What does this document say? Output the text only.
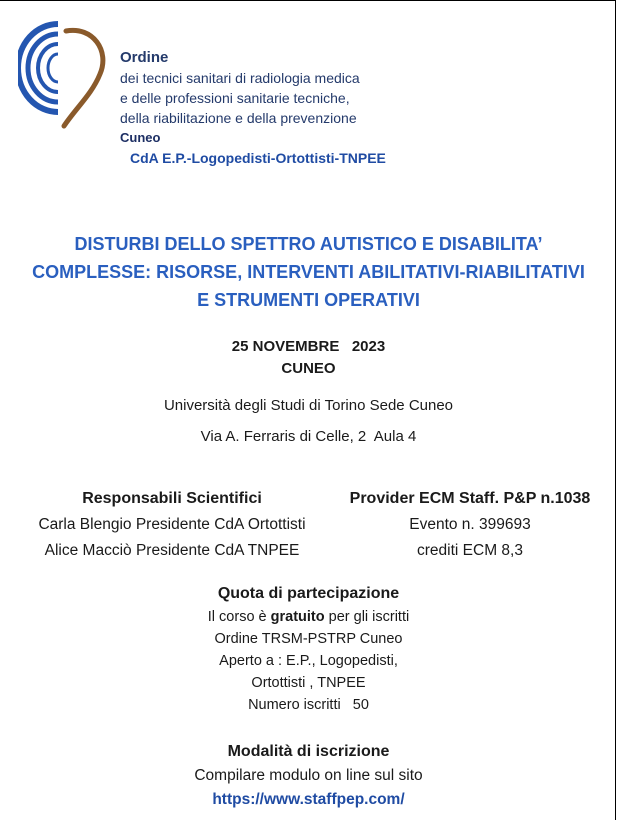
Ordine
dei tecnici sanitari di radiologia medica
e delle professioni sanitarie tecniche,
della riabilitazione e della prevenzione
Cuneo
CdA E.P.-Logopedisti-Ortottisti-TNPEE
DISTURBI DELLO SPETTRO AUTISTICO E DISABILITA’
COMPLESSE: RISORSE, INTERVENTI ABILITATIVI-RIABILITATIVI
E STRUMENTI OPERATIVI
25 NOVEMBRE   2023
CUNEO
Università degli Studi di Torino Sede Cuneo
Via A. Ferraris di Celle, 2  Aula 4
Responsabili Scientifici
Carla Blengio Presidente CdA Ortottisti
Alice Macciò Presidente CdA TNPEE
Provider ECM Staff. P&P n.1038
Evento n. 399693
crediti ECM 8,3
Quota di partecipazione
Il corso è gratuito per gli iscritti
Ordine TRSM-PSTRP Cuneo
Aperto a : E.P., Logopedisti,
Ortottisti , TNPEE
Numero iscritti   50
Modalità di iscrizione
Compilare modulo on line sul sito
https://www.staffpep.com/
